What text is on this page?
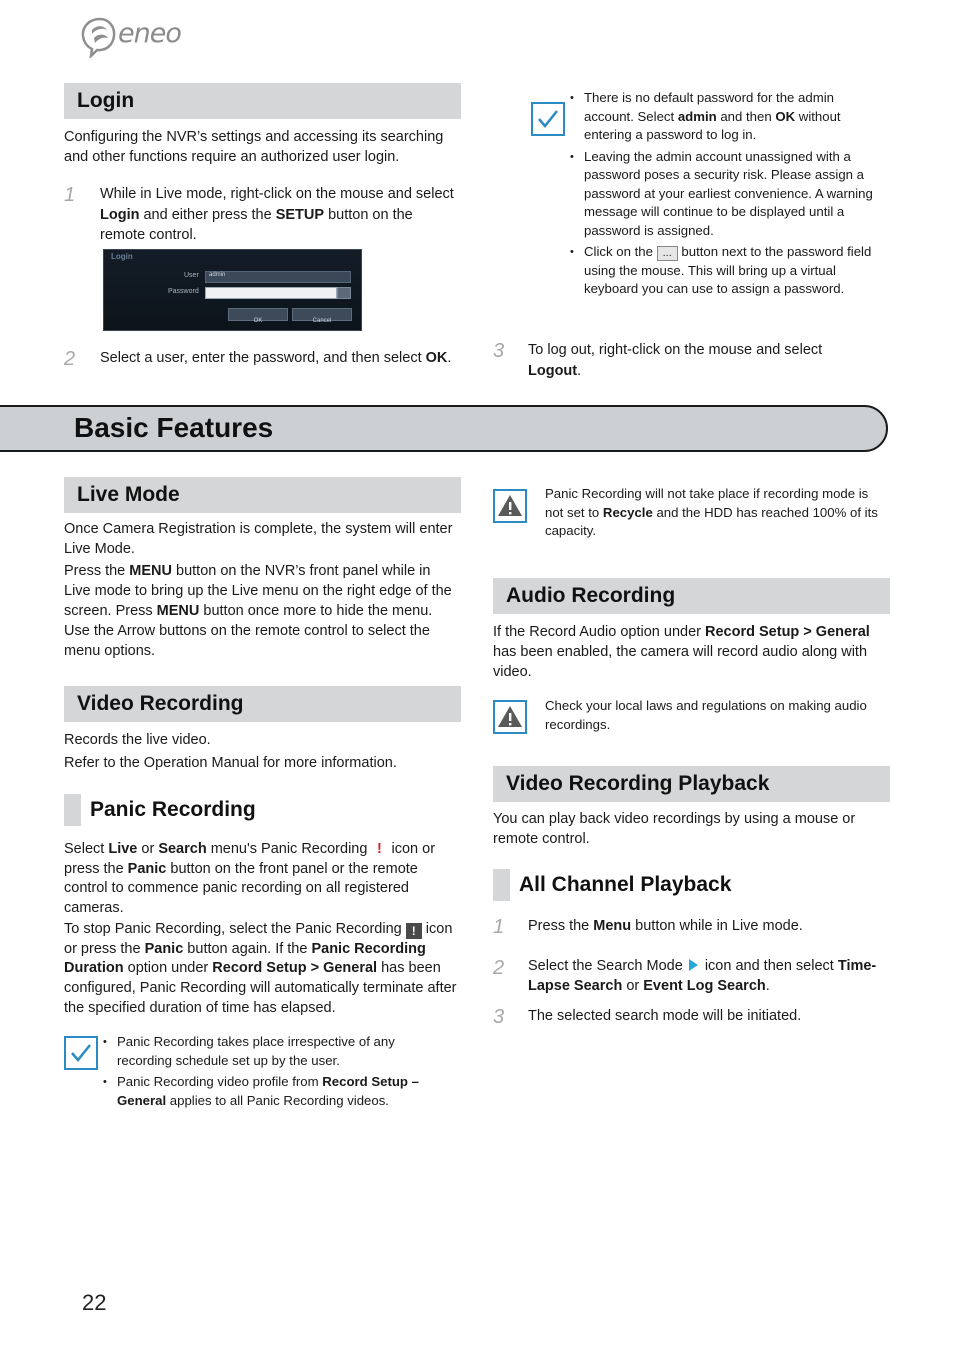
eneo
Login

Configuring the NVR’s settings and accessing its searching and other functions require an authorized user login.

1 While in Live mode, right-click on the mouse and select Login and either press the SETUP button on the remote control.

Login
User admin
Password
OK	Cancel
2 Select a user, enter the password, and then select OK.

• There is no default password for the admin account. Select admin and then OK without entering a password to log in.
• Leaving the admin account unassigned with a password poses a security risk. Please assign a password at your earliest convenience. A warning message will continue to be displayed until a password is assigned.
• Click on the ... button next to the password field using the mouse. This will bring up a virtual keyboard you can use to assign a password.
3 To log out, right-click on the mouse and select Logout.

Basic Features
Live Mode

Once Camera Registration is complete, the system will enter Live Mode.

Press the MENU button on the NVR’s front panel while in Live mode to bring up the Live menu on the right edge of the screen. Press MENU button once more to hide the menu. Use the Arrow buttons on the remote control to select the menu options.

Video Recording

Records the live video.

Refer to the Operation Manual for more information.

Panic Recording

Select Live or Search menu's Panic Recording ! icon or press the Panic button on the front panel or the remote control to commence panic recording on all registered cameras.

To stop Panic Recording, select the Panic Recording ! icon or press the Panic button again. If the Panic Recording Duration option under Record Setup > General has been configured, Panic Recording will automatically terminate after the specified duration of time has elapsed.

• Panic Recording takes place irrespective of any recording schedule set up by the user.
• Panic Recording video profile from Record Setup – General applies to all Panic Recording videos.

Panic Recording will not take place if recording mode is not set to Recycle and the HDD has reached 100% of its capacity.

Audio Recording

If the Record Audio option under Record Setup > General has been enabled, the camera will record audio along with video.

Check your local laws and regulations on making audio recordings.

Video Recording Playback

You can play back video recordings by using a mouse or remote control.

All Channel Playback
1 Press the Menu button while in Live mode.

2 Select the Search Mode  icon and then select Time-Lapse Search or Event Log Search.

3 The selected search mode will be initiated.

22
